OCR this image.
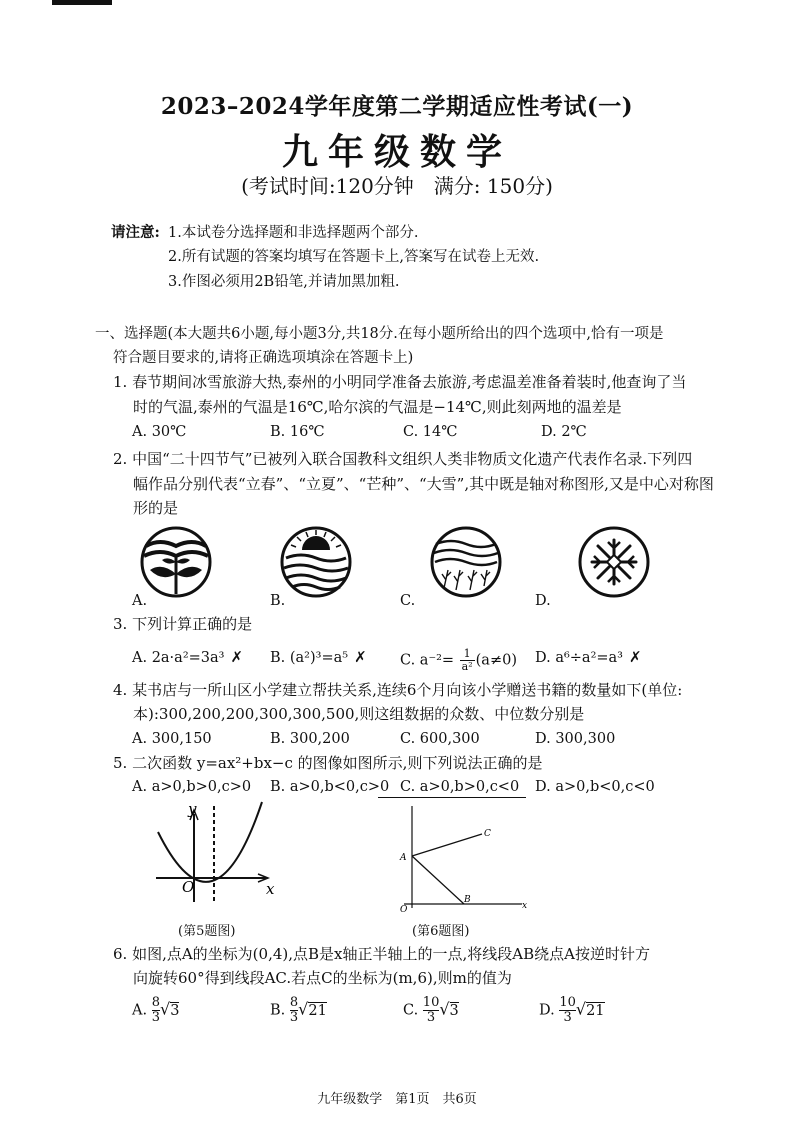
2023–2024学年度第二学期适应性考试(一)
九年级数学
(考试时间:120分钟　满分: 150分)
请注意: 1.本试卷分选择题和非选择题两个部分.
2.所有试题的答案均填写在答题卡上,答案写在试卷上无效.
3.作图必须用2B铅笔,并请加黑加粗.
一、选择题(本大题共6小题,每小题3分,共18分.在每小题所给出的四个选项中,恰有一项是
符合题目要求的,请将正确选项填涂在答题卡上)
1. 春节期间冰雪旅游大热,泰州的小明同学准备去旅游,考虑温差准备着装时,他查询了当
时的气温,泰州的气温是16℃,哈尔滨的气温是−14℃,则此刻两地的温差是
A. 30℃	B. 16℃	C. 14℃	D. 2℃
2. 中国“二十四节气”已被列入联合国教科文组织人类非物质文化遗产代表作名录.下列四
幅作品分别代表“立春”、“立夏”、“芒种”、“大雪”,其中既是轴对称图形,又是中心对称图
形的是
A.	B.	C.	D.
3. 下列计算正确的是
A. 2a·a²=3a³ ✗ B. (a²)³=a⁵ ✗ C. $a^{-2}= \frac{1}{\text{a²}} (a\ne 0)$ D. a⁶÷a²=a³ ✗
4. 某书店与一所山区小学建立帮扶关系,连续6个月向该小学赠送书籍的数量如下(单位:
本):300,200,200,300,300,500,则这组数据的众数、中位数分别是
A. 300,150	B. 300,200	C. 600,300	D. 300,300
5. 二次函数 y=ax²+bx−c 的图像如图所示,则下列说法正确的是
A. a>0,b>0,c>0 B. a>0,b<0,c>0 C. a>0,b>0,c<0 D. a>0,b<0,c<0
y
x
O
(第5题图)
A
B
C
O	x
(第6题图)
6. 如图,点A的坐标为(0,4),点B是x轴正半轴上的一点,将线段AB绕点A按逆时针方
向旋转60°得到线段AC.若点C的坐标为(m,6),则m的值为
A. $\frac{8}{3} √3$	B. $\frac{8}{3} √21$	C. $\frac{10}{3} √3$	D. $\frac{10}{3} √21$
九年级数学　第1页　共6页
